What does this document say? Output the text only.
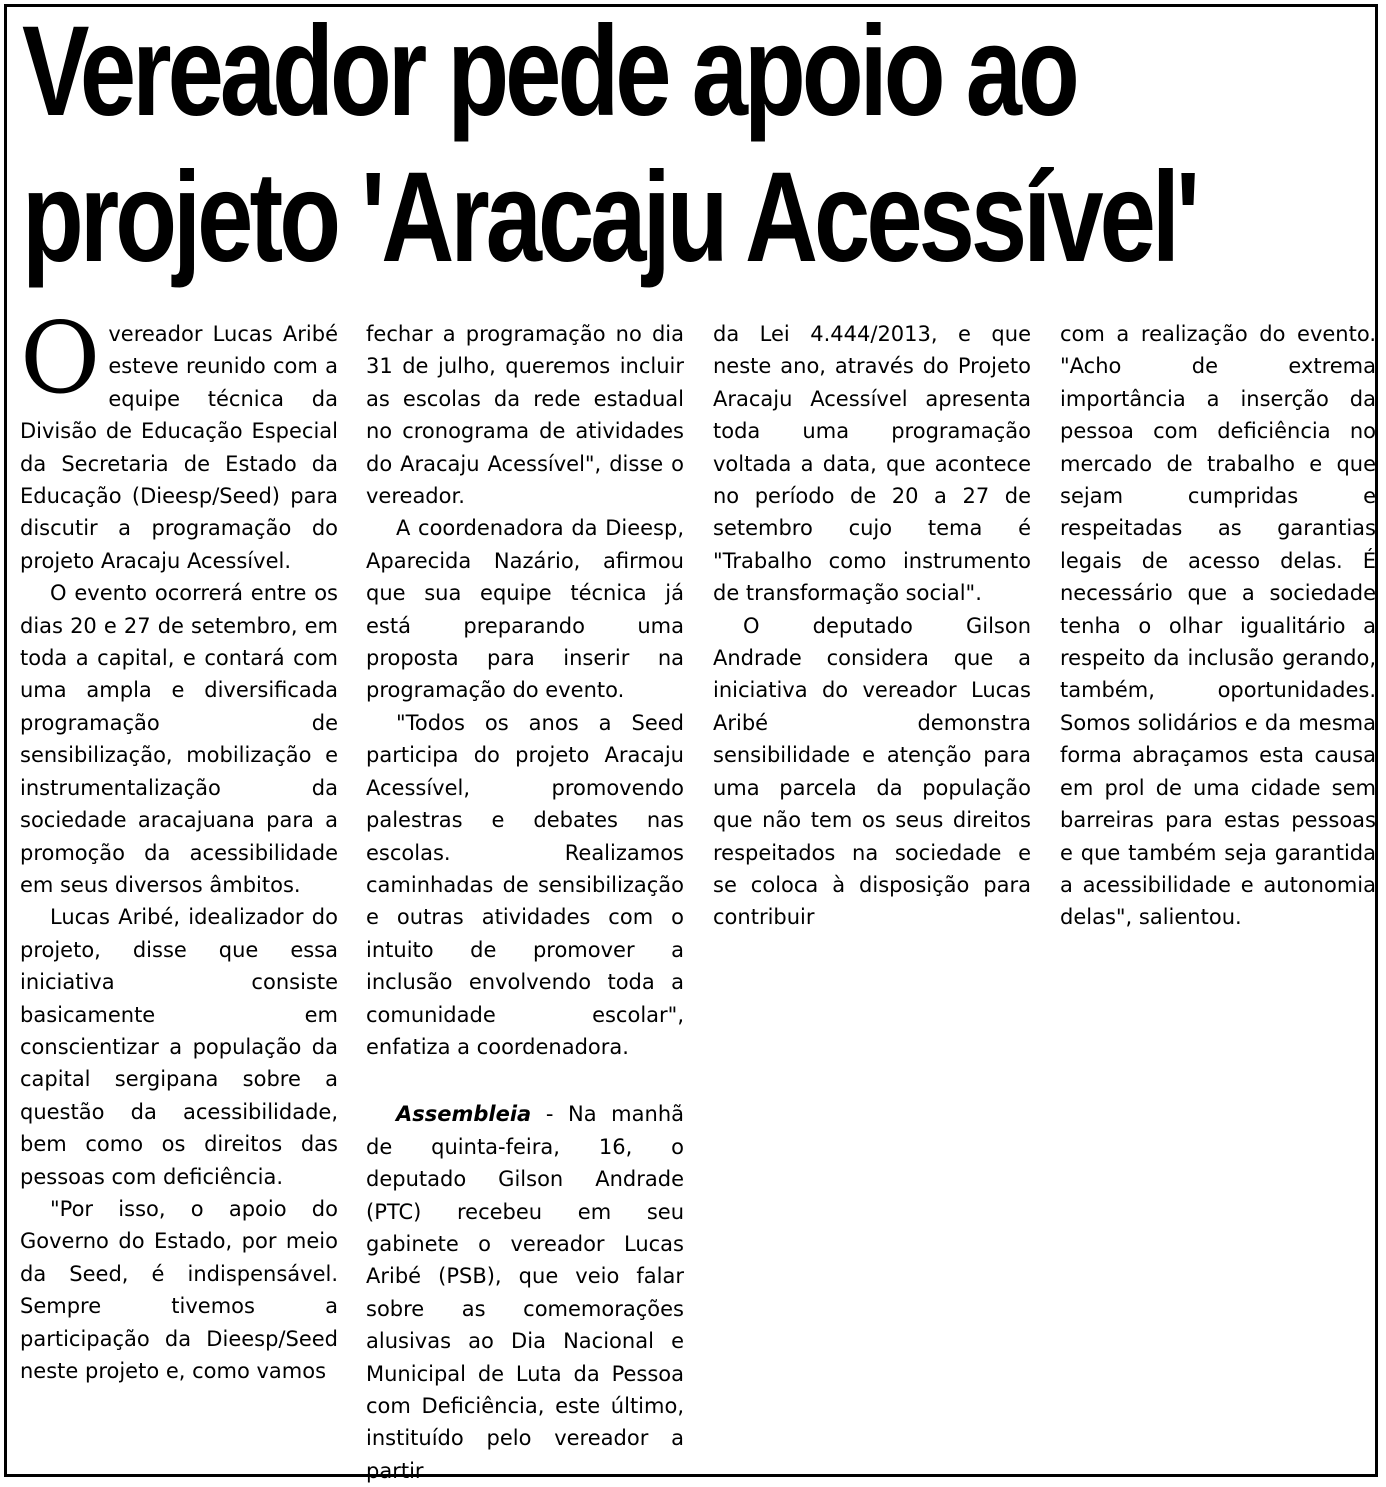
Vereador pede apoio ao
projeto 'Aracaju Acessível'

Overeador Lucas Aribé esteve reunido com a equipe técnica da Divisão de Educação Especial da Secretaria de Estado da Educação (Dieesp/Seed) para discutir a programação do projeto Aracaju Acessível.

O evento ocorrerá entre os dias 20 e 27 de setembro, em toda a capital, e contará com uma ampla e diversificada programação de sensibilização, mobilização e instrumentalização da sociedade aracajuana para a promoção da acessibilidade em seus diversos âmbitos.

Lucas Aribé, idealizador do projeto, disse que essa iniciativa consiste basicamente em conscientizar a população da capital sergipana sobre a questão da acessibilidade, bem como os direitos das pessoas com deficiência.

"Por isso, o apoio do Governo do Estado, por meio da Seed, é indispensável. Sempre tivemos a participação da Dieesp/Seed neste projeto e, como vamos

fechar a programação no dia 31 de julho, queremos incluir as escolas da rede estadual no cronograma de atividades do Aracaju Acessível", disse o vereador.

A coordenadora da Dieesp, Aparecida Nazário, afirmou que sua equipe técnica já está preparando uma proposta para inserir na programação do evento.

"Todos os anos a Seed participa do projeto Aracaju Acessível, promovendo palestras e debates nas escolas. Realizamos caminhadas de sensibilização e outras atividades com o intuito de promover a inclusão envolvendo toda a comunidade escolar", enfatiza a coordenadora.

Assembleia - Na manhã de quinta-feira, 16, o deputado Gilson Andrade (PTC) recebeu em seu gabinete o vereador Lucas Aribé (PSB), que veio falar sobre as comemorações alusivas ao Dia Nacional e Municipal de Luta da Pessoa com Deficiência, este último, instituído pelo vereador a partir

da Lei 4.444/2013, e que neste ano, através do Projeto Aracaju Acessível apresenta toda uma programação voltada a data, que acontece no período de 20 a 27 de setembro cujo tema é "Trabalho como instrumento de transformação social".

O deputado Gilson Andrade considera que a iniciativa do vereador Lucas Aribé demonstra sensibilidade e atenção para uma parcela da população que não tem os seus direitos respeitados na sociedade e se coloca à disposição para contribuir

com a realização do evento. "Acho de extrema importância a inserção da pessoa com deficiência no mercado de trabalho e que sejam cumpridas e respeitadas as garantias legais de acesso delas. É necessário que a sociedade tenha o olhar igualitário a respeito da inclusão gerando, também, oportunidades. Somos solidários e da mesma forma abraçamos esta causa em prol de uma cidade sem barreiras para estas pessoas e que também seja garantida a acessibilidade e autonomia delas", salientou.
